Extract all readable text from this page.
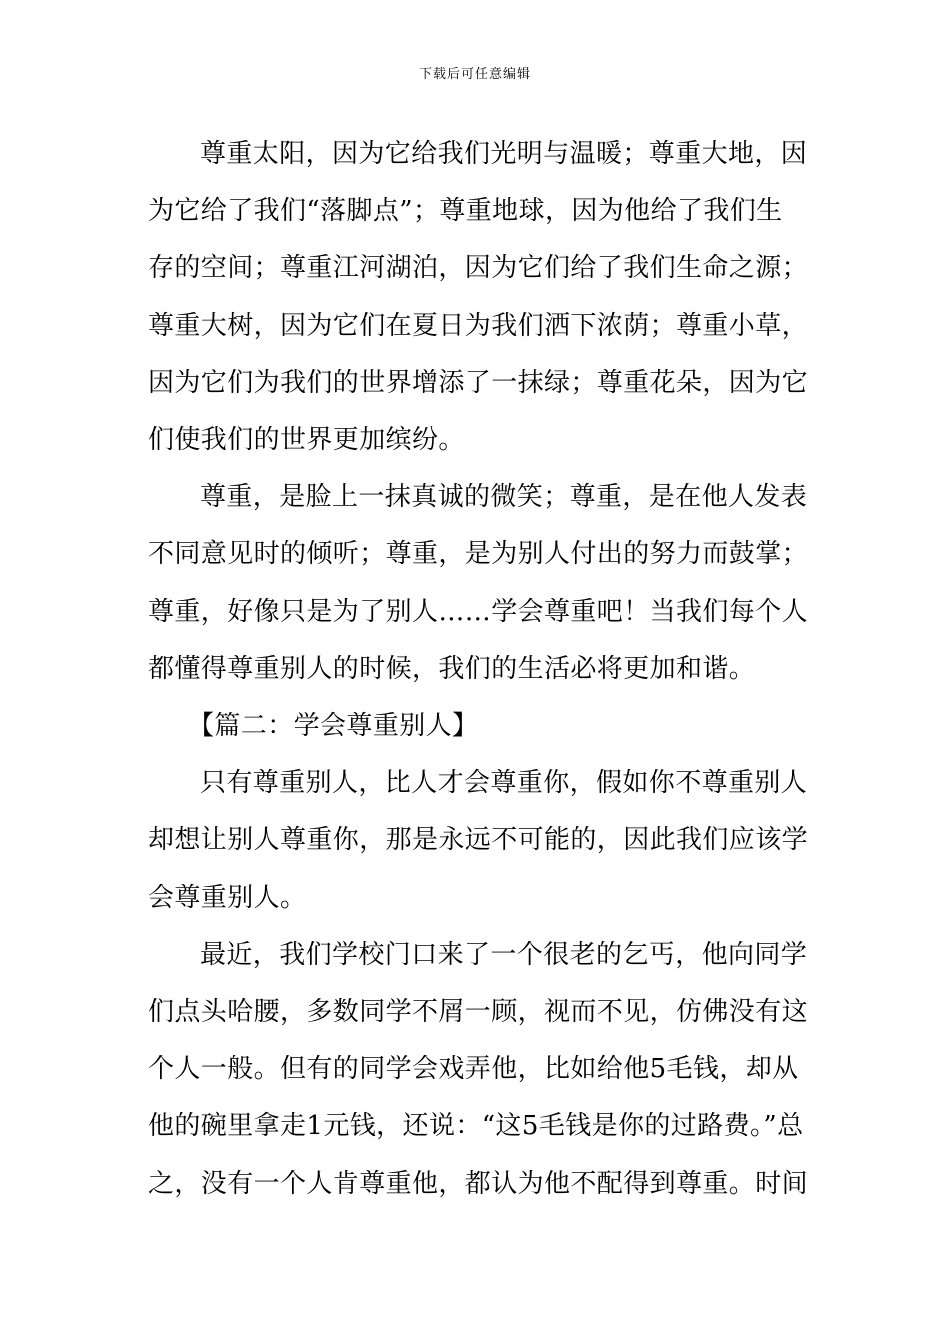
下载后可任意编辑

尊重太阳，因为它给我们光明与温暖；尊重大地，因为它给了我们“落脚点”；尊重地球，因为他给了我们生存的空间；尊重江河湖泊，因为它们给了我们生命之源；尊重大树，因为它们在夏日为我们洒下浓荫；尊重小草，因为它们为我们的世界增添了一抹绿；尊重花朵，因为它们使我们的世界更加缤纷。

尊重，是脸上一抹真诚的微笑；尊重，是在他人发表不同意见时的倾听；尊重，是为别人付出的努力而鼓掌；尊重，好像只是为了别人……学会尊重吧！当我们每个人都懂得尊重别人的时候，我们的生活必将更加和谐。

【篇二：学会尊重别人】

只有尊重别人，比人才会尊重你，假如你不尊重别人却想让别人尊重你，那是永远不可能的，因此我们应该学会尊重别人。

最近，我们学校门口来了一个很老的乞丐，他向同学们点头哈腰，多数同学不屑一顾，视而不见，仿佛没有这个人一般。但有的同学会戏弄他，比如给他5毛钱，却从他的碗里拿走1元钱，还说：“这5毛钱是你的过路费。”总之，没有一个人肯尊重他，都认为他不配得到尊重。时间
